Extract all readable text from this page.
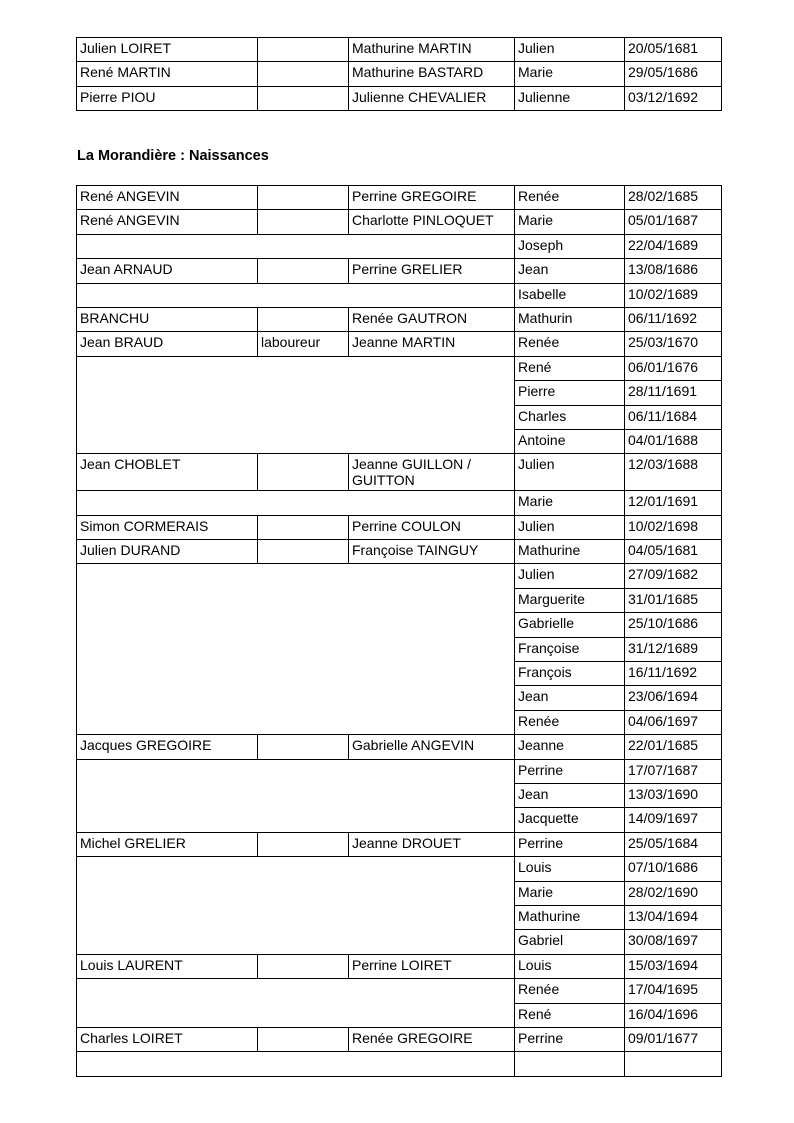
Julien LOIRET		Mathurine MARTIN	Julien	20/05/1681
René MARTIN		Mathurine BASTARD	Marie	29/05/1686
Pierre PIOU		Julienne CHEVALIER	Julienne	03/12/1692
La Morandière : Naissances
René ANGEVIN		Perrine GREGOIRE	Renée	28/02/1685
René ANGEVIN		Charlotte PINLOQUET	Marie	05/01/1687
			Joseph	22/04/1689
Jean ARNAUD		Perrine GRELIER	Jean	13/08/1686
			Isabelle	10/02/1689
BRANCHU		Renée GAUTRON	Mathurin	06/11/1692
Jean BRAUD	laboureur	Jeanne MARTIN	Renée	25/03/1670
			René	06/01/1676
			Pierre	28/11/1691
			Charles	06/11/1684
			Antoine	04/01/1688
Jean CHOBLET		Jeanne GUILLON / GUITTON	Julien	12/03/1688
			Marie	12/01/1691
Simon CORMERAIS		Perrine COULON	Julien	10/02/1698
Julien DURAND		Françoise TAINGUY	Mathurine	04/05/1681
			Julien	27/09/1682
			Marguerite	31/01/1685
			Gabrielle	25/10/1686
			Françoise	31/12/1689
			François	16/11/1692
			Jean	23/06/1694
			Renée	04/06/1697
Jacques GREGOIRE		Gabrielle ANGEVIN	Jeanne	22/01/1685
			Perrine	17/07/1687
			Jean	13/03/1690
			Jacquette	14/09/1697
Michel GRELIER		Jeanne DROUET	Perrine	25/05/1684
			Louis	07/10/1686
			Marie	28/02/1690
			Mathurine	13/04/1694
			Gabriel	30/08/1697
Louis LAURENT		Perrine LOIRET	Louis	15/03/1694
			Renée	17/04/1695
			René	16/04/1696
Charles LOIRET		Renée GREGOIRE	Perrine	09/01/1677
